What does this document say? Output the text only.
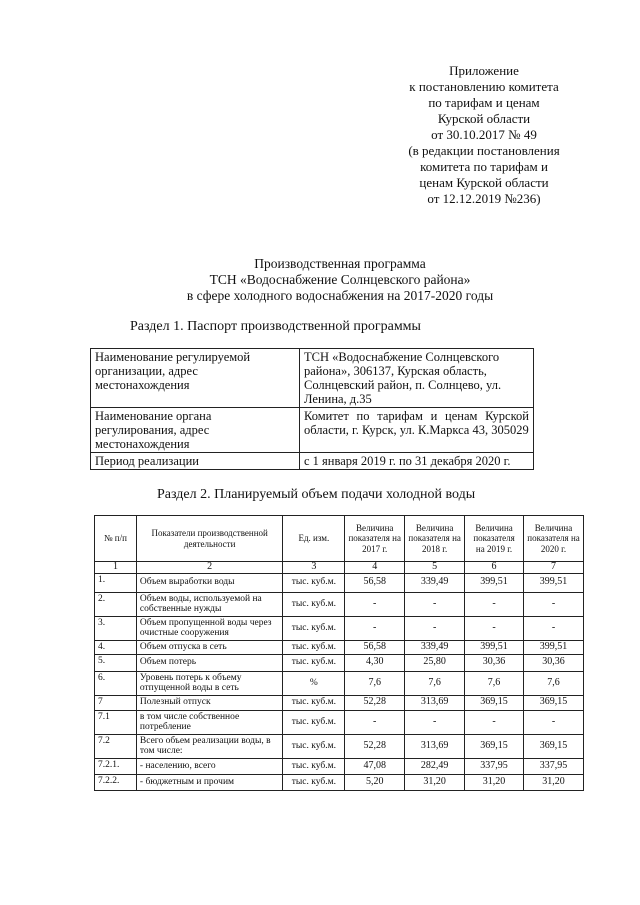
Приложение
к постановлению комитета
по тарифам и ценам
Курской области
от 30.10.2017 № 49
(в редакции постановления
комитета по тарифам и
ценам Курской области
от 12.12.2019 №236)
Производственная программа
ТСН «Водоснабжение Солнцевского района»
в сфере холодного водоснабжения на 2017-2020 годы
Раздел 1. Паспорт производственной программы
Наименование регулируемой организации, адрес местонахождения	ТСН «Водоснабжение Солнцевского района», 306137, Курская область, Солнцевский район, п. Солнцево, ул. Ленина, д.35
Наименование органа регулирования, адрес местонахождения	Комитет по тарифам и ценам Курской области, г. Курск, ул. К.Маркса 43, 305029
Период реализации	с 1 января 2019 г. по 31 декабря 2020 г.
Раздел 2. Планируемый объем подачи холодной воды
№ п/п	Показатели производственной деятельности	Ед. изм.	Величина показателя на 2017 г.	Величина показателя на 2018 г.	Величина показателя на 2019 г.	Величина показателя на 2020 г.
1	2	3	4	5	6	7
1.	Объем выработки воды	тыс. куб.м.	56,58	339,49	399,51	399,51
2.	Объем воды, используемой на собственные нужды	тыс. куб.м.	-	-	-	-
3.	Объем пропущенной воды через очистные сооружения	тыс. куб.м.	-	-	-	-
4.	Объем отпуска в сеть	тыс. куб.м.	56,58	339,49	399,51	399,51
5.	Объем потерь	тыс. куб.м.	4,30	25,80	30,36	30,36
6.	Уровень потерь к объему отпущенной воды в сеть	%	7,6	7,6	7,6	7,6
7	Полезный отпуск	тыс. куб.м.	52,28	313,69	369,15	369,15
7.1	в том числе собственное потребление	тыс. куб.м.	-	-	-	-
7.2	Всего объем реализации воды, в том числе:	тыс. куб.м.	52,28	313,69	369,15	369,15
7.2.1.	- населению, всего	тыс. куб.м.	47,08	282,49	337,95	337,95
7.2.2.	- бюджетным и прочим	тыс. куб.м.	5,20	31,20	31,20	31,20
